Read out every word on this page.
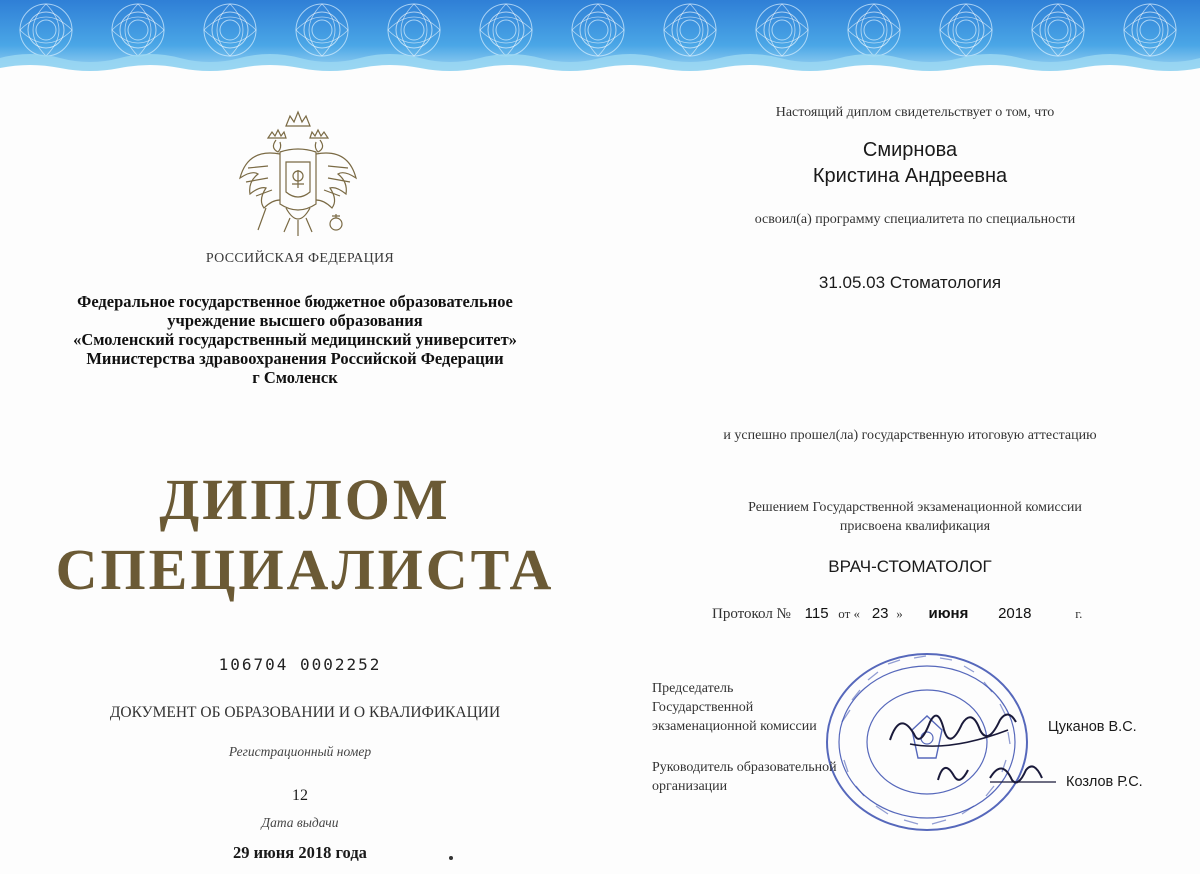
РОССИЙСКАЯ ФЕДЕРАЦИЯ
Федеральное государственное бюджетное образовательное
учреждение высшего образования
«Смоленский государственный медицинский университет»
Министерства здравоохранения Российской Федерации
г Смоленск
ДИПЛОМ
СПЕЦИАЛИСТА
106704 0002252
ДОКУМЕНТ ОБ ОБРАЗОВАНИИ И О КВАЛИФИКАЦИИ
Регистрационный номер
12
Дата выдачи
29 июня 2018 года
Настоящий диплом свидетельствует о том, что
Смирнова
Кристина Андреевна
освоил(а) программу специалитета по специальности
31.05.03 Стоматология
и успешно прошел(ла) государственную итоговую аттестацию
Решением Государственной экзаменационной комиссии
присвоена квалификация
ВРАЧ-СТОМАТОЛОГ
Протокол № 115 от « 23 » июня 2018	г.
Председатель
Государственной
экзаменационной комиссии	Цуканов В.С.
Руководитель образовательной
организации	Козлов Р.С.
